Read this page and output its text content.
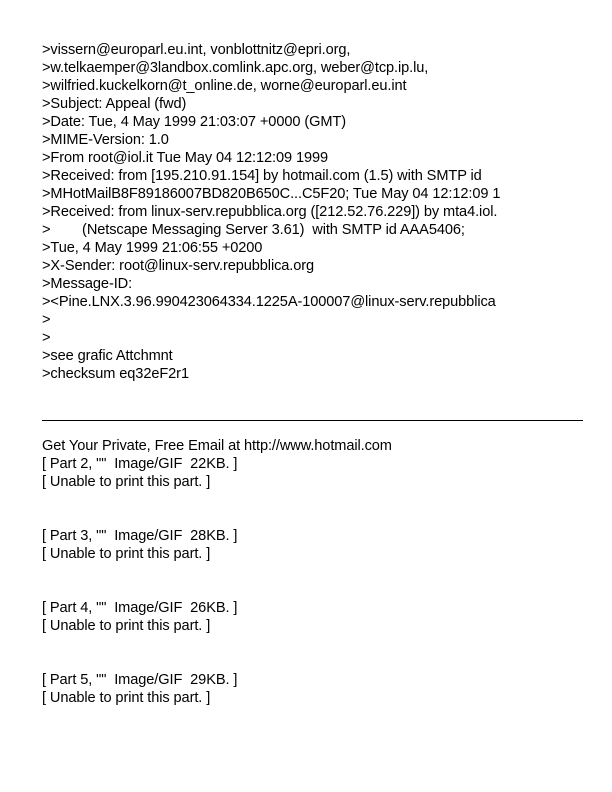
>vissern@europarl.eu.int, vonblottnitz@epri.org,
>w.telkaemper@3landbox.comlink.apc.org, weber@tcp.ip.lu,
>wilfried.kuckelkorn@t_online.de, worne@europarl.eu.int
>Subject: Appeal (fwd)
>Date: Tue, 4 May 1999 21:03:07 +0000 (GMT)
>MIME-Version: 1.0
>From root@iol.it Tue May 04 12:12:09 1999
>Received: from [195.210.91.154] by hotmail.com (1.5) with SMTP id
>MHotMailB8F89186007BD820B650C...C5F20; Tue May 04 12:12:09 1
>Received: from linux-serv.repubblica.org ([212.52.76.229]) by mta4.iol.
>        (Netscape Messaging Server 3.61)  with SMTP id AAA5406;
>Tue, 4 May 1999 21:06:55 +0200
>X-Sender: root@linux-serv.repubblica.org
>Message-ID:
><Pine.LNX.3.96.990423064334.1225A-100007@linux-serv.repubblica
>
>
>see grafic Attchmnt
>checksum eq32eF2r1
Get Your Private, Free Email at http://www.hotmail.com
[ Part 2, ""  Image/GIF  22KB. ]
[ Unable to print this part. ]
[ Part 3, ""  Image/GIF  28KB. ]
[ Unable to print this part. ]
[ Part 4, ""  Image/GIF  26KB. ]
[ Unable to print this part. ]
[ Part 5, ""  Image/GIF  29KB. ]
[ Unable to print this part. ]
